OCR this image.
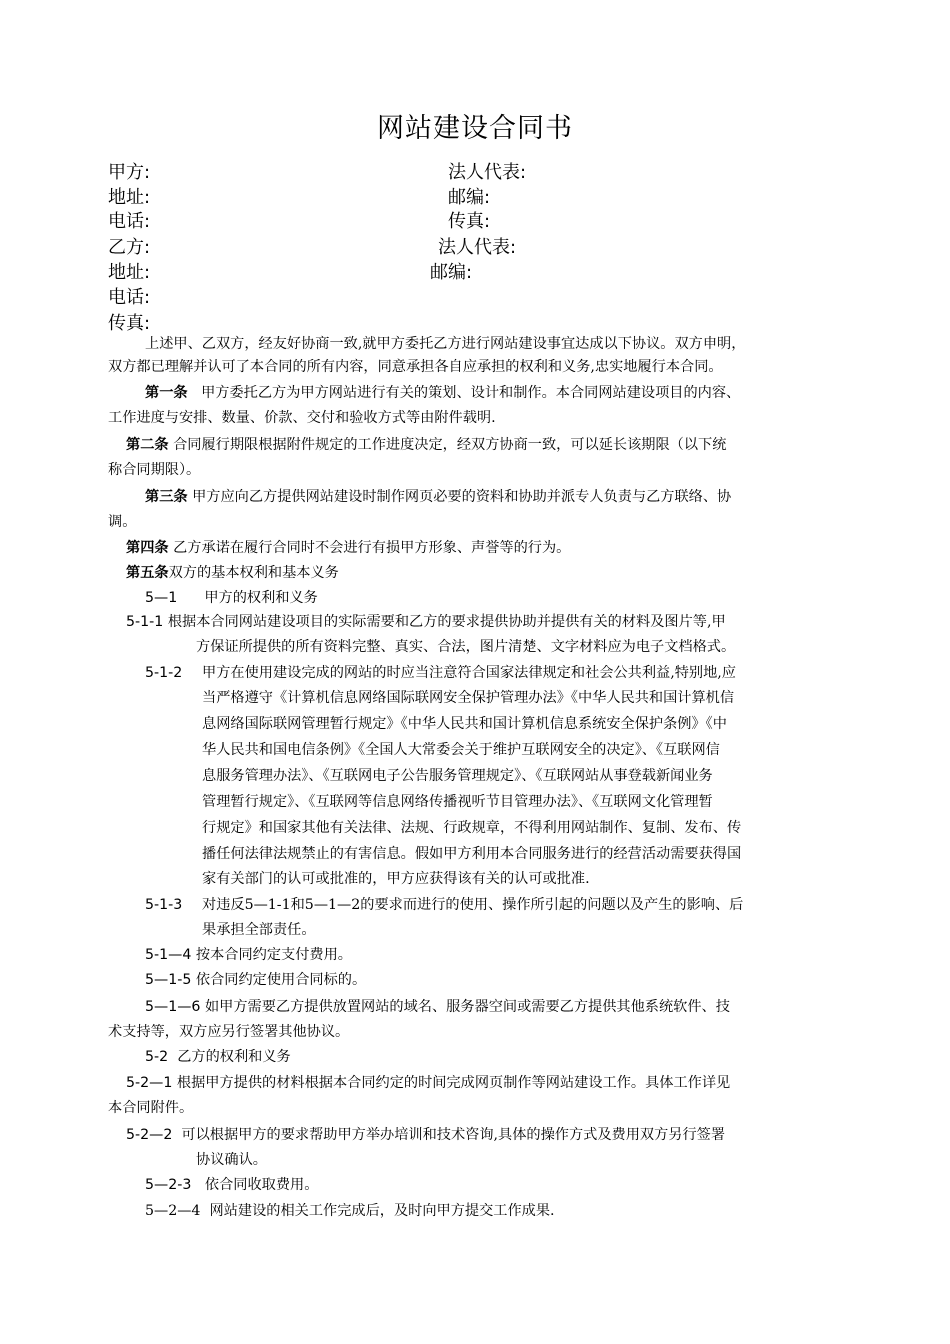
网站建设合同书
甲方:	法人代表:
地址:	邮编:
电话:	传真:
乙方:	法人代表:
地址:	邮编:
电话:
传真:
上述甲、乙双方，经友好协商一致,就甲方委托乙方进行网站建设事宜达成以下协议。双方申明，
双方都已理解并认可了本合同的所有内容，同意承担各自应承担的权利和义务,忠实地履行本合同。
第一条 甲方委托乙方为甲方网站进行有关的策划、设计和制作。本合同网站建设项目的内容、
工作进度与安排、数量、价款、交付和验收方式等由附件载明.
第二条 合同履行期限根据附件规定的工作进度决定，经双方协商一致，可以延长该期限（以下统
称合同期限）。
第三条 甲方应向乙方提供网站建设时制作网页必要的资料和协助并派专人负责与乙方联络、协
调。
第四条 乙方承诺在履行合同时不会进行有损甲方形象、声誉等的行为。
第五条双方的基本权利和基本义务
5—1 甲方的权利和义务
5-1-1 根据本合同网站建设项目的实际需要和乙方的要求提供协助并提供有关的材料及图片等,甲
方保证所提供的所有资料完整、真实、合法，图片清楚、文字材料应为电子文档格式。
5-1-2 甲方在使用建设完成的网站的时应当注意符合国家法律规定和社会公共利益,特别地,应
当严格遵守《计算机信息网络国际联网安全保护管理办法》《中华人民共和国计算机信
息网络国际联网管理暂行规定》《中华人民共和国计算机信息系统安全保护条例》《中
华人民共和国电信条例》《全国人大常委会关于维护互联网安全的决定》、《互联网信
息服务管理办法》、《互联网电子公告服务管理规定》、《互联网站从事登载新闻业务
管理暂行规定》、《互联网等信息网络传播视听节目管理办法》、《互联网文化管理暂
行规定》和国家其他有关法律、法规、行政规章，不得利用网站制作、复制、发布、传
播任何法律法规禁止的有害信息。假如甲方利用本合同服务进行的经营活动需要获得国
家有关部门的认可或批准的，甲方应获得该有关的认可或批准.
5-1-3 对违反5—1-1和5—1—2的要求而进行的使用、操作所引起的问题以及产生的影响、后
果承担全部责任。
5-1—4 按本合同约定支付费用。
5—1-5 依合同约定使用合同标的。
5—1—6 如甲方需要乙方提供放置网站的域名、服务器空间或需要乙方提供其他系统软件、技
术支持等，双方应另行签署其他协议。
5-2 乙方的权利和义务
5-2—1 根据甲方提供的材料根据本合同约定的时间完成网页制作等网站建设工作。具体工作详见
本合同附件。
5-2—2 可以根据甲方的要求帮助甲方举办培训和技术咨询,具体的操作方式及费用双方另行签署
协议确认。
5—2-3 依合同收取费用。
5—2—4 网站建设的相关工作完成后，及时向甲方提交工作成果.
